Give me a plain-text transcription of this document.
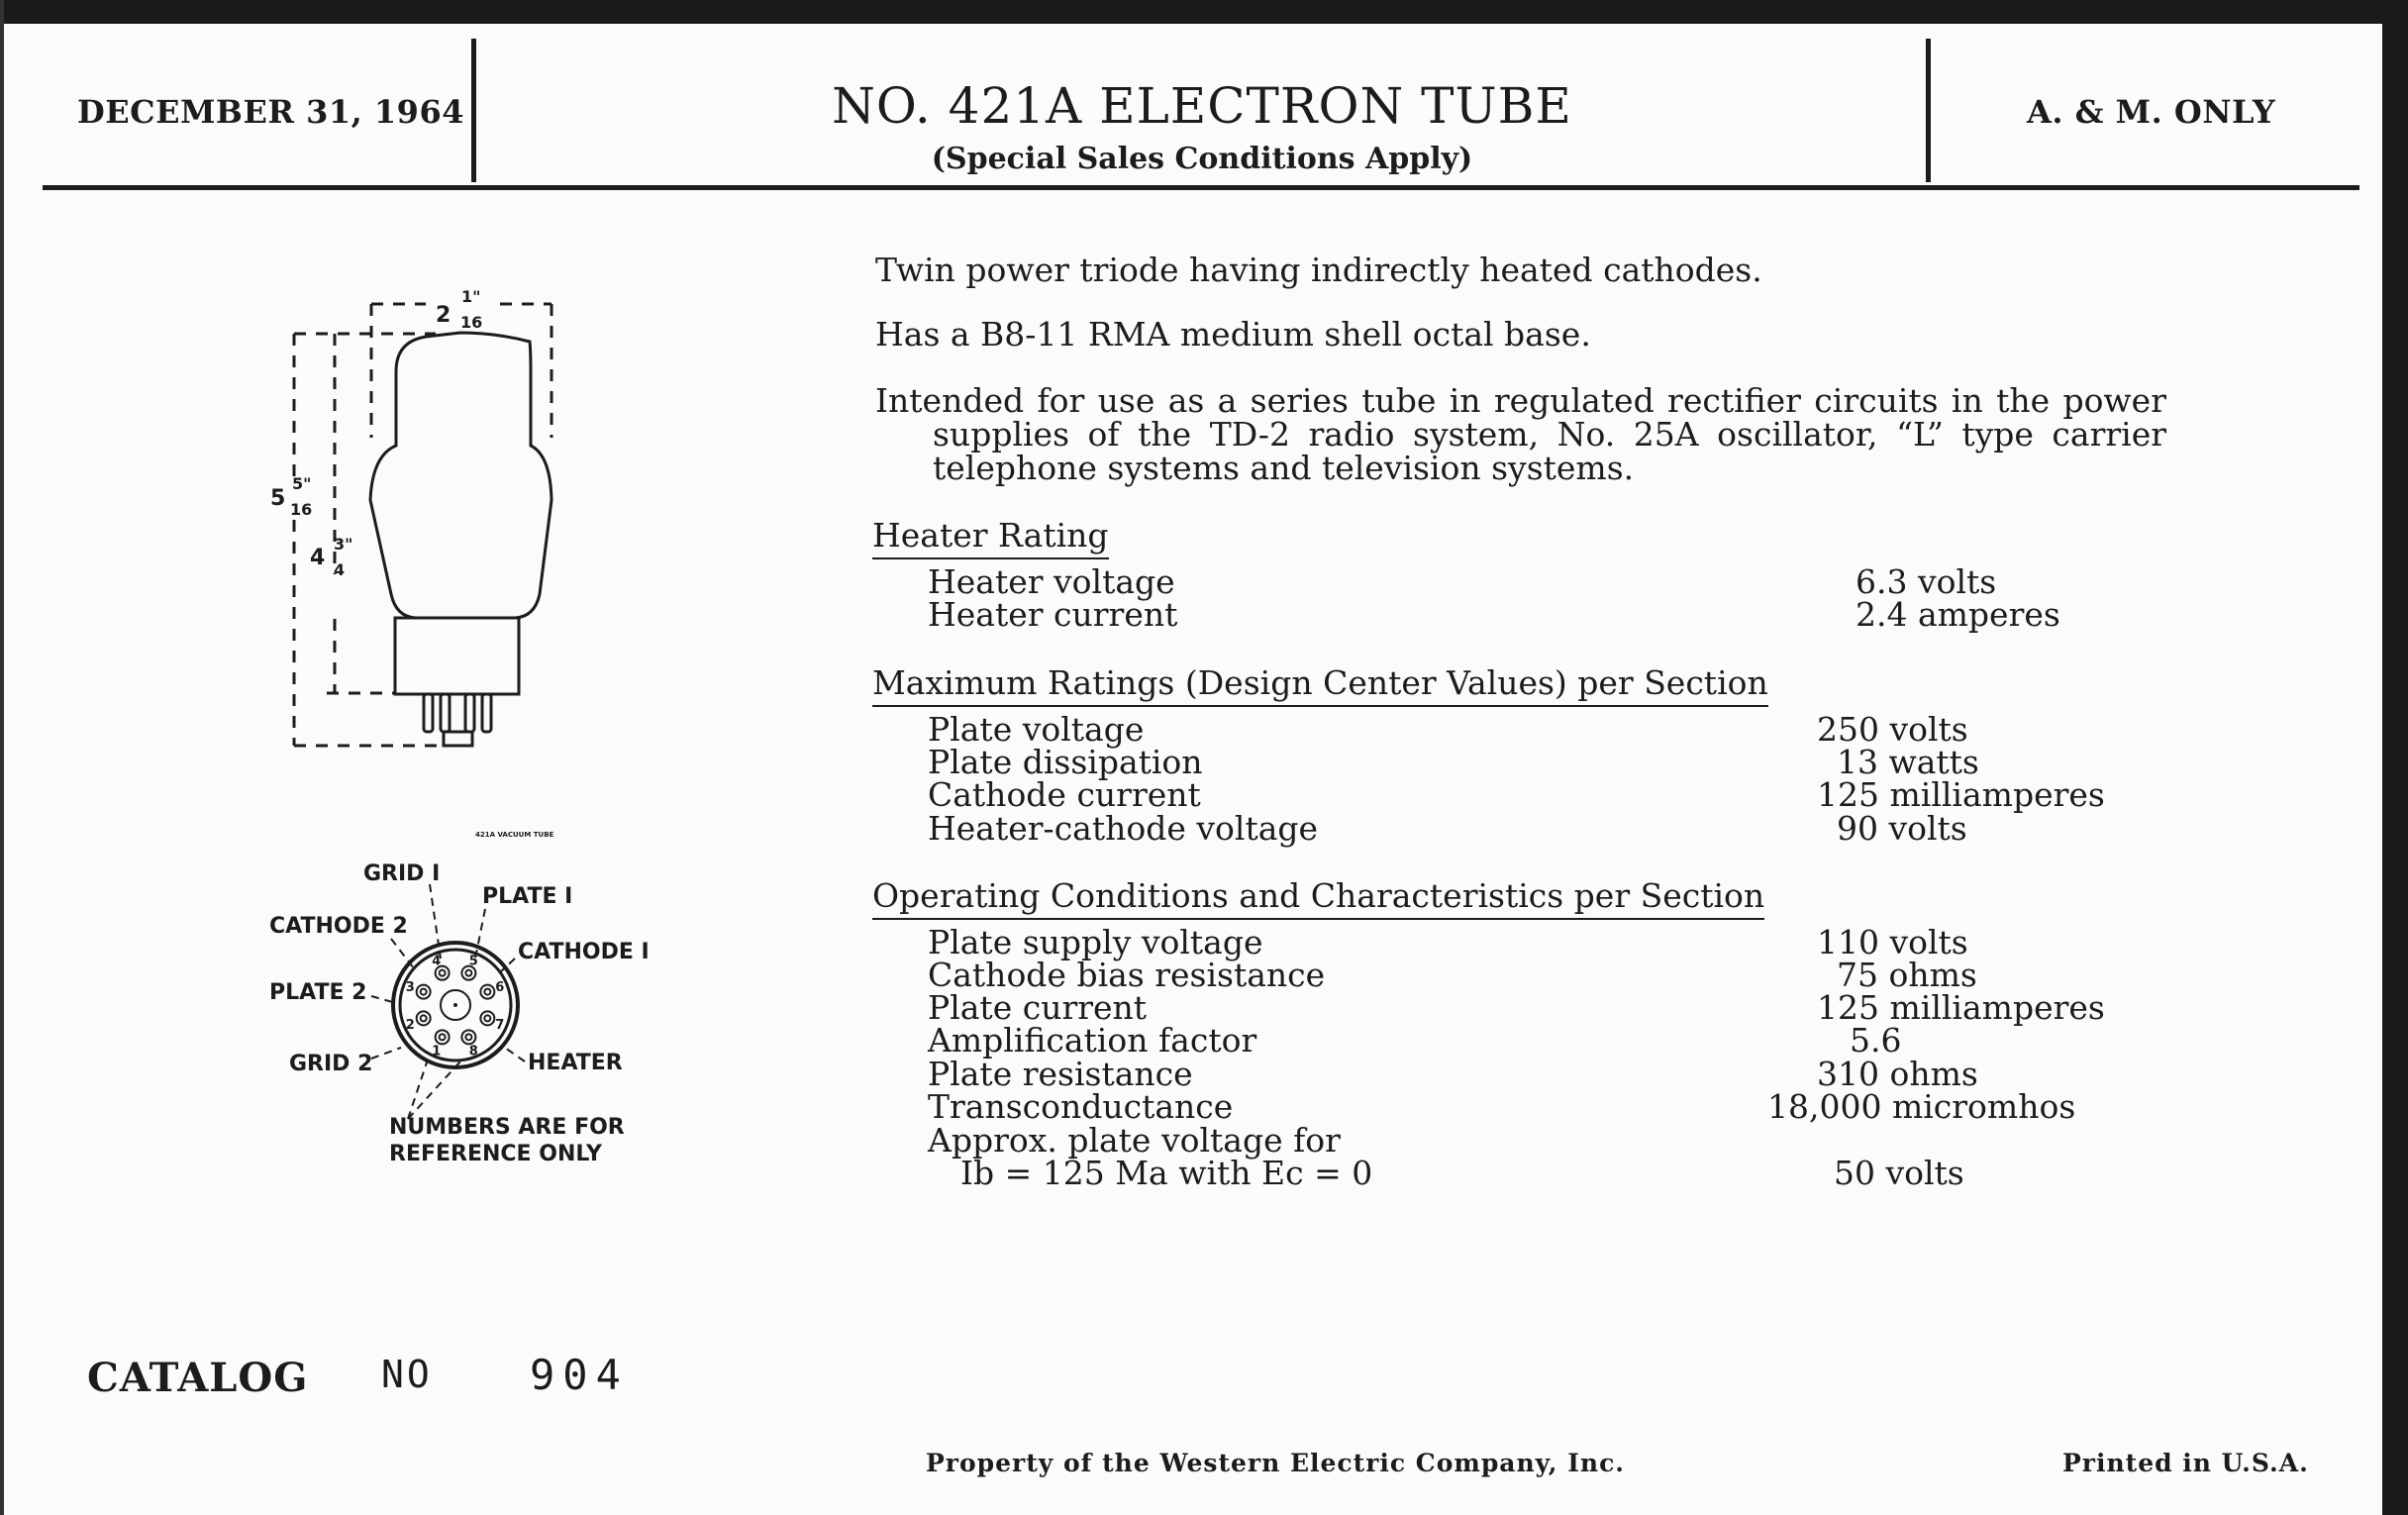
DECEMBER 31, 1964	NO. 421A ELECTRON TUBE
(Special Sales Conditions Apply)
A. & M. ONLY
Twin power triode having indirectly heated cathodes.
Has a B8-11 RMA medium shell octal base.
Intended for use as a series tube in regulated rectifier circuits in the power supplies of the TD-2 radio system, No. 25A oscillator, “L” type carrier telephone systems and television systems.
Heater Rating
Heater voltage	6.3 volts
Heater current	2.4 amperes
Maximum Ratings (Design Center Values) per Section
Plate voltage	250 volts
Plate dissipation	13 watts
Cathode current	125 milliamperes
Heater-cathode voltage	90 volts
Operating Conditions and Characteristics per Section
Plate supply voltage	110 volts
Cathode bias resistance	75 ohms
Plate current	125 milliamperes
Amplification factor	5.6
Plate resistance	310 ohms
Transconductance	18,000 micromhos
Approx. plate voltage for
Ib = 125 Ma with Ec = 0	50 volts
2
1"
16
5
5"
16
4
3"
4
421A VACUUM TUBE
1
2
3
4 5
6
7
8
GRID I
PLATE I
CATHODE 2
CATHODE I
PLATE 2
GRID 2	HEATER
NUMBERS ARE FOR
REFERENCE ONLY
CATALOG NO 904
Property of the Western Electric Company, Inc.	Printed in U.S.A.
